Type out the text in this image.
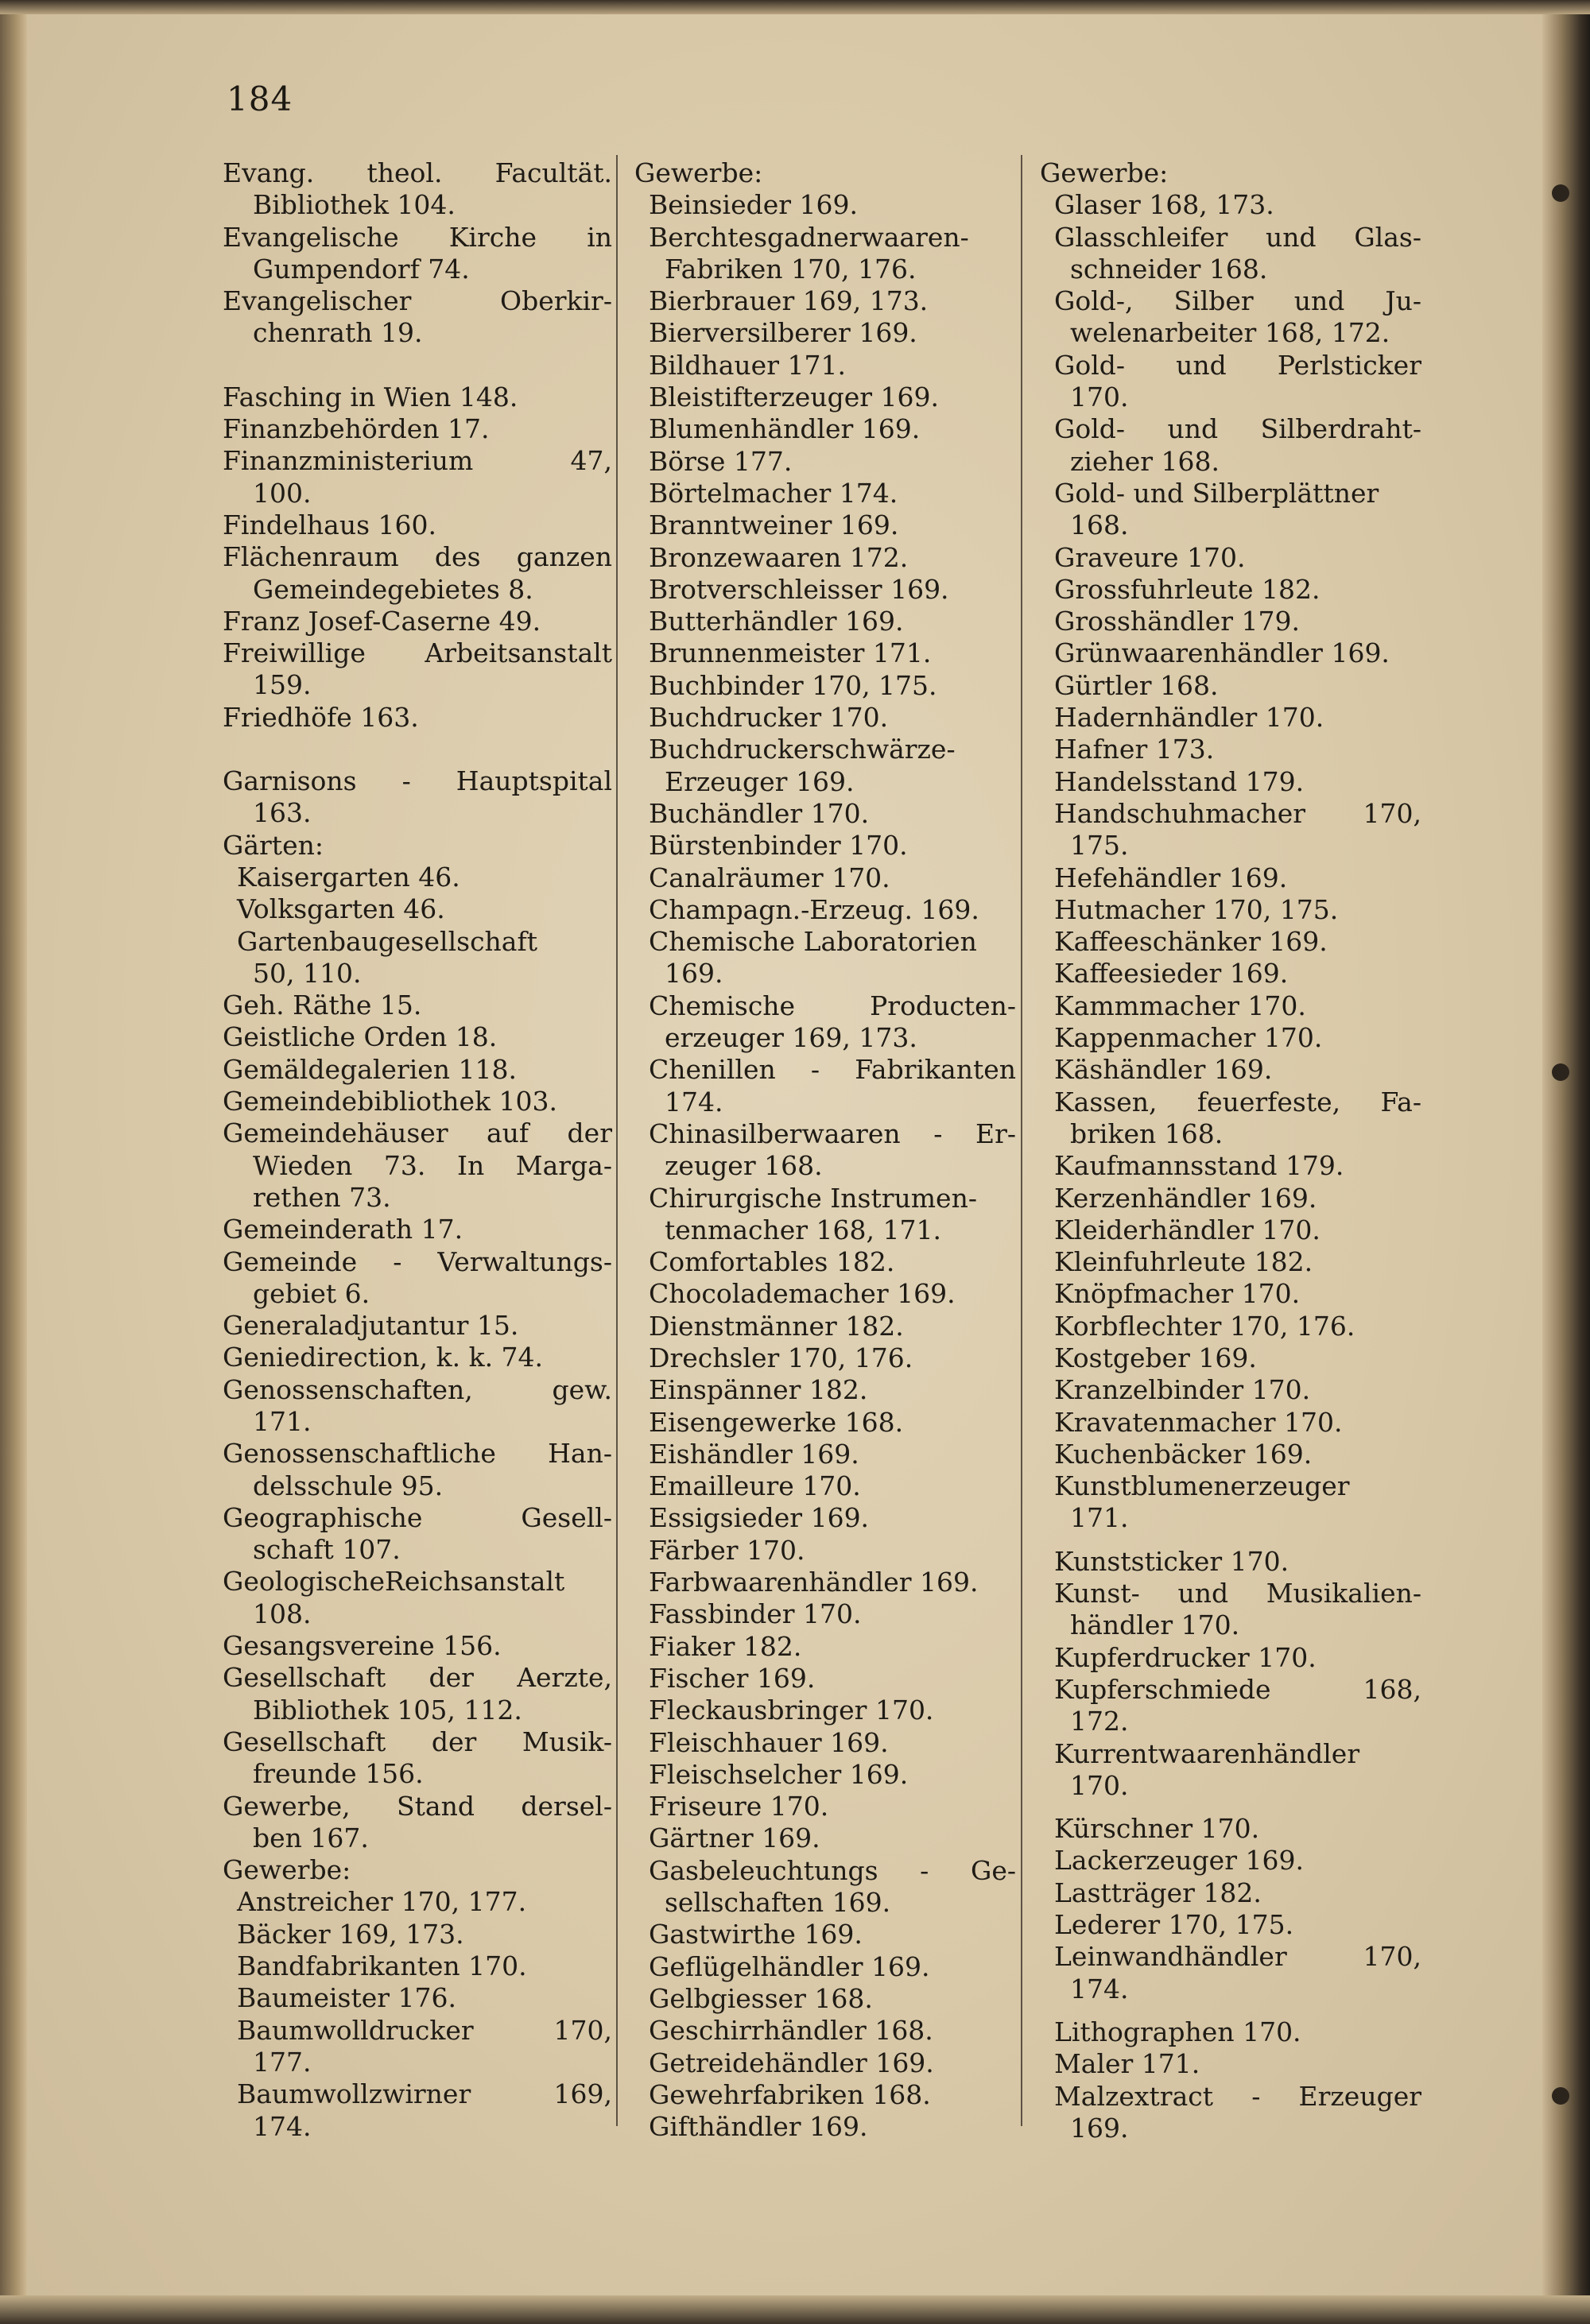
184
Evang. theol. Facultät.
Bibliothek 104.
Evangelische Kirche in
Gumpendorf 74.
Evangelischer Oberkir-
chenrath 19.
Fasching in Wien 148.
Finanzbehörden 17.
Finanzministerium 47,
100.
Findelhaus 160.
Flächenraum des ganzen
Gemeindegebietes 8.
Franz Josef-Caserne 49.
Freiwillige Arbeitsanstalt
159.
Friedhöfe 163.
Garnisons - Hauptspital
163.
Gärten:
Kaisergarten 46.
Volksgarten 46.
Gartenbaugesellschaft
50, 110.
Geh. Räthe 15.
Geistliche Orden 18.
Gemäldegalerien 118.
Gemeindebibliothek 103.
Gemeindehäuser auf der
Wieden 73. In Marga-
rethen 73.
Gemeinderath 17.
Gemeinde - Verwaltungs-
gebiet 6.
Generaladjutantur 15.
Geniedirection, k. k. 74.
Genossenschaften, gew.
171.
Genossenschaftliche Han-
delsschule 95.
Geographische Gesell-
schaft 107.
GeologischeReichsanstalt
108.
Gesangsvereine 156.
Gesellschaft der Aerzte,
Bibliothek 105, 112.
Gesellschaft der Musik-
freunde 156.
Gewerbe, Stand dersel-
ben 167.
Gewerbe:
Anstreicher 170, 177.
Bäcker 169, 173.
Bandfabrikanten 170.
Baumeister 176.
Baumwolldrucker 170,
177.
Baumwollzwirner 169,
174.
Gewerbe:
Beinsieder 169.
Berchtesgadnerwaaren-
Fabriken 170, 176.
Bierbrauer 169, 173.
Bierversilberer 169.
Bildhauer 171.
Bleistifterzeuger 169.
Blumenhändler 169.
Börse 177.
Börtelmacher 174.
Branntweiner 169.
Bronzewaaren 172.
Brotverschleisser 169.
Butterhändler 169.
Brunnenmeister 171.
Buchbinder 170, 175.
Buchdrucker 170.
Buchdruckerschwärze-
Erzeuger 169.
Buchändler 170.
Bürstenbinder 170.
Canalräumer 170.
Champagn.-Erzeug. 169.
Chemische Laboratorien
169.
Chemische Producten-
erzeuger 169, 173.
Chenillen - Fabrikanten
174.
Chinasilberwaaren - Er-
zeuger 168.
Chirurgische Instrumen-
tenmacher 168, 171.
Comfortables 182.
Chocolademacher 169.
Dienstmänner 182.
Drechsler 170, 176.
Einspänner 182.
Eisengewerke 168.
Eishändler 169.
Emailleure 170.
Essigsieder 169.
Färber 170.
Farbwaarenhändler 169.
Fassbinder 170.
Fiaker 182.
Fischer 169.
Fleckausbringer 170.
Fleischhauer 169.
Fleischselcher 169.
Friseure 170.
Gärtner 169.
Gasbeleuchtungs - Ge-
sellschaften 169.
Gastwirthe 169.
Geflügelhändler 169.
Gelbgiesser 168.
Geschirrhändler 168.
Getreidehändler 169.
Gewehrfabriken 168.
Gifthändler 169.
Gewerbe:
Glaser 168, 173.
Glasschleifer und Glas-
schneider 168.
Gold-, Silber und Ju-
welenarbeiter 168, 172.
Gold- und Perlsticker
170.
Gold- und Silberdraht-
zieher 168.
Gold- und Silberplättner
168.
Graveure 170.
Grossfuhrleute 182.
Grosshändler 179.
Grünwaarenhändler 169.
Gürtler 168.
Hadernhändler 170.
Hafner 173.
Handelsstand 179.
Handschuhmacher 170,
175.
Hefehändler 169.
Hutmacher 170, 175.
Kaffeeschänker 169.
Kaffeesieder 169.
Kammmacher 170.
Kappenmacher 170.
Käshändler 169.
Kassen, feuerfeste, Fa-
briken 168.
Kaufmannsstand 179.
Kerzenhändler 169.
Kleiderhändler 170.
Kleinfuhrleute 182.
Knöpfmacher 170.
Korbflechter 170, 176.
Kostgeber 169.
Kranzelbinder 170.
Kravatenmacher 170.
Kuchenbäcker 169.
Kunstblumenerzeuger
171.
Kunststicker 170.
Kunst- und Musikalien-
händler 170.
Kupferdrucker 170.
Kupferschmiede 168,
172.
Kurrentwaarenhändler
170.
Kürschner 170.
Lackerzeuger 169.
Lastträger 182.
Lederer 170, 175.
Leinwandhändler 170,
174.
Lithographen 170.
Maler 171.
Malzextract - Erzeuger
169.
